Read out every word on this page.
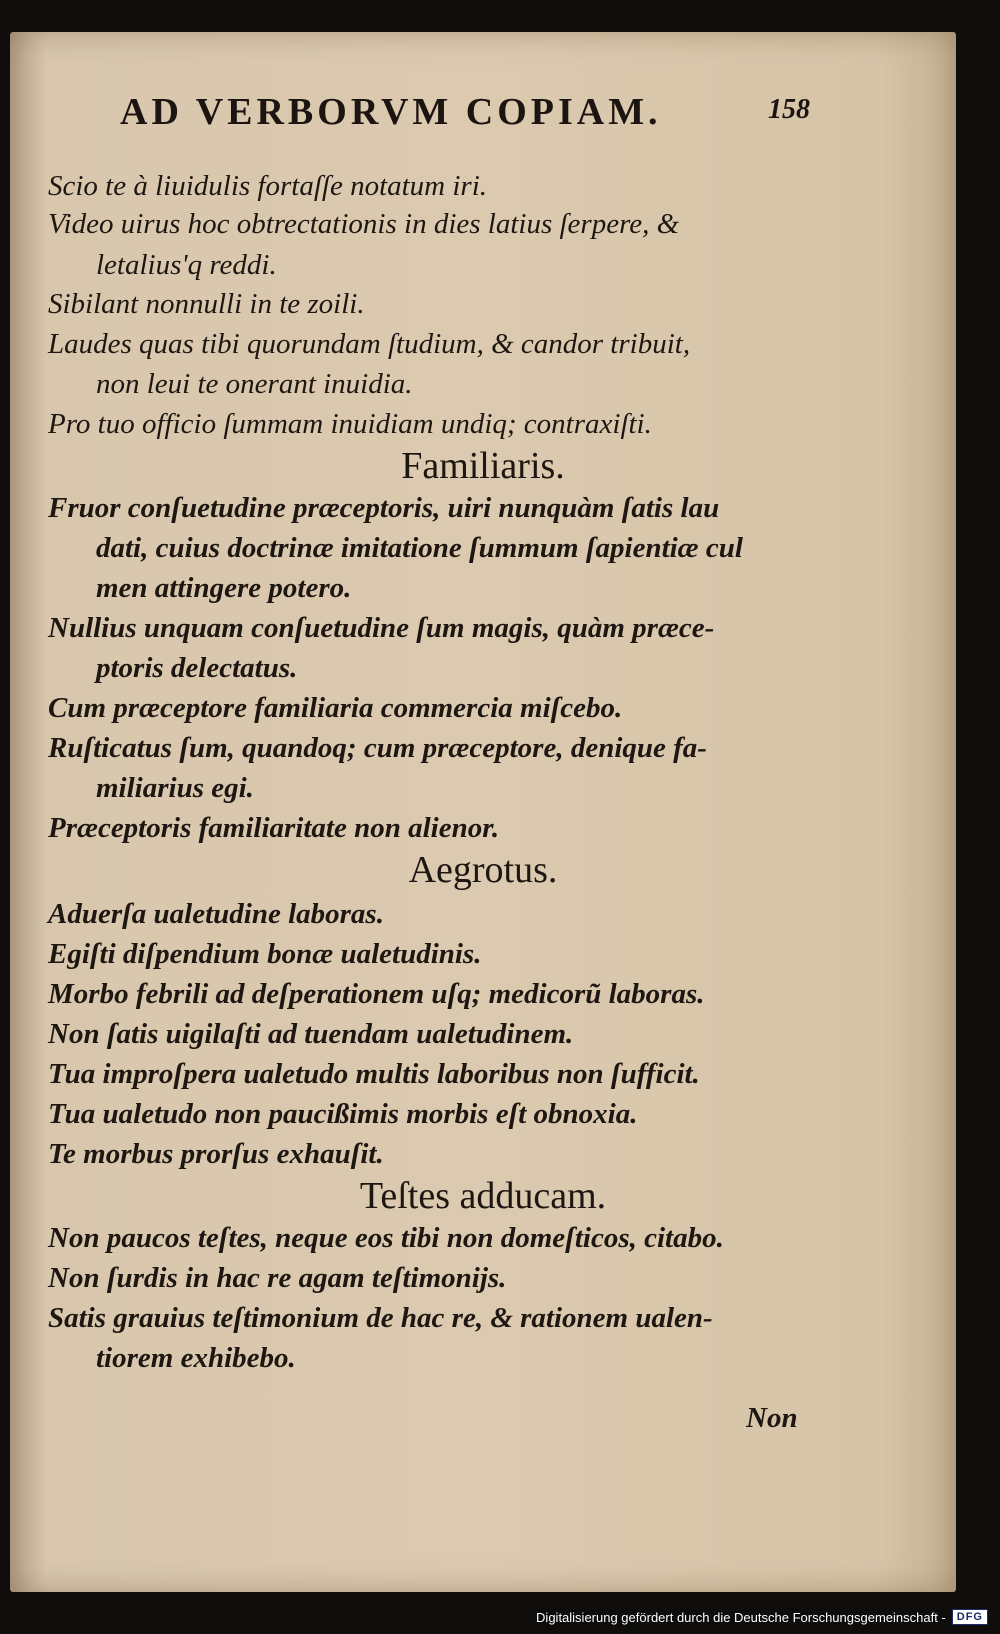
AD VERBORVM COPIAM.	158
Non
Scio te à liuidulis fortaſſe notatum iri.
Video uirus hoc obtrectationis in dies latius ſerpere, &
letalius'q reddi.
Sibilant nonnulli in te zoili.
Laudes quas tibi quorundam ſtudium, & candor tribuit,
non leui te onerant inuidia.
Pro tuo officio ſummam inuidiam undiq; contraxiſti.
Familiaris.
Fruor conſuetudine præceptoris, uiri nunquàm ſatis lau
dati, cuius doctrinæ imitatione ſummum ſapientiæ cul
men attingere potero.
Nullius unquam conſuetudine ſum magis, quàm præce-
ptoris delectatus.
Cum præceptore familiaria commercia miſcebo.
Ruſticatus ſum, quandoq; cum præceptore, denique fa-
miliarius egi.
Præceptoris familiaritate non alienor.
Aegrotus.
Aduerſa ualetudine laboras.
Egiſti diſpendium bonæ ualetudinis.
Morbo febrili ad deſperationem uſq; medicorũ laboras.
Non ſatis uigilaſti ad tuendam ualetudinem.
Tua improſpera ualetudo multis laboribus non ſufficit.
Tua ualetudo non paucißimis morbis eſt obnoxia.
Te morbus prorſus exhauſit.
Teſtes adducam.
Non paucos teſtes, neque eos tibi non domeſticos, citabo.
Non ſurdis in hac re agam teſtimonijs.
Satis grauius teſtimonium de hac re, & rationem ualen-
tiorem exhibebo.
Digitalisierung gefördert durch die Deutsche Forschungsgemeinschaft -	DFG
